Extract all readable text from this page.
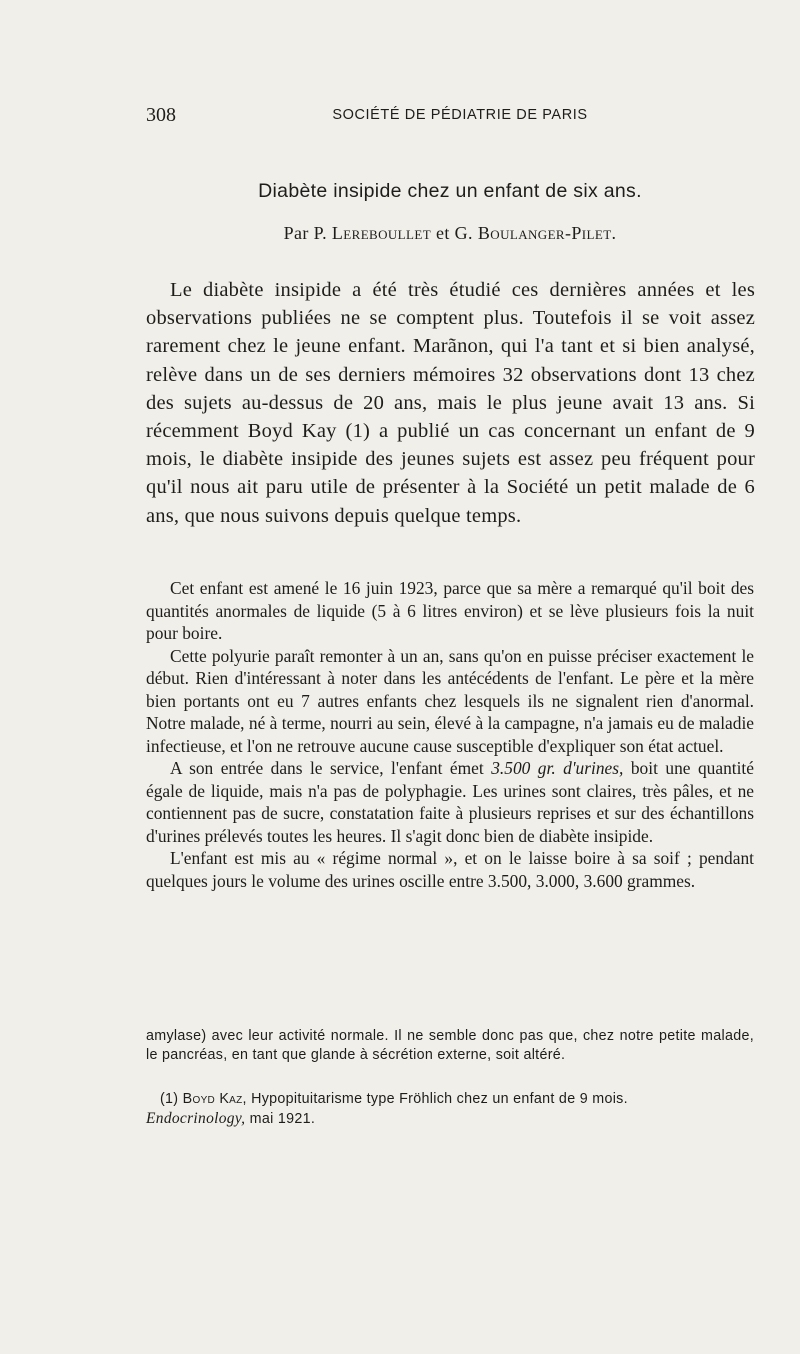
308	SOCIÉTÉ DE PÉDIATRIE DE PARIS
Diabète insipide chez un enfant de six ans.
Par P. Lereboullet et G. Boulanger-Pilet.

Le diabète insipide a été très étudié ces dernières années et les observations publiées ne se comptent plus. Toutefois il se voit assez rarement chez le jeune enfant. Marãnon, qui l'a tant et si bien analysé, relève dans un de ses derniers mémoires 32 observations dont 13 chez des sujets au-dessus de 20 ans, mais le plus jeune avait 13 ans. Si récemment Boyd Kay (1) a publié un cas concernant un enfant de 9 mois, le diabète insipide des jeunes sujets est assez peu fréquent pour qu'il nous ait paru utile de présenter à la Société un petit malade de 6 ans, que nous suivons depuis quelque temps.

Cet enfant est amené le 16 juin 1923, parce que sa mère a remarqué qu'il boit des quantités anormales de liquide (5 à 6 litres environ) et se lève plusieurs fois la nuit pour boire.

Cette polyurie paraît remonter à un an, sans qu'on en puisse préciser exactement le début. Rien d'intéressant à noter dans les antécédents de l'enfant. Le père et la mère bien portants ont eu 7 autres enfants chez lesquels ils ne signalent rien d'anormal. Notre malade, né à terme, nourri au sein, élevé à la campagne, n'a jamais eu de maladie infectieuse, et l'on ne retrouve aucune cause susceptible d'expliquer son état actuel.

A son entrée dans le service, l'enfant émet 3.500 gr. d'urines, boit une quantité égale de liquide, mais n'a pas de polyphagie. Les urines sont claires, très pâles, et ne contiennent pas de sucre, constatation faite à plusieurs reprises et sur des échantillons d'urines prélevés toutes les heures. Il s'agit donc bien de diabète insipide.

L'enfant est mis au « régime normal », et on le laisse boire à sa soif ; pendant quelques jours le volume des urines oscille entre 3.500, 3.000, 3.600 grammes.

amylase) avec leur activité normale. Il ne semble donc pas que, chez notre petite malade, le pancréas, en tant que glande à sécrétion externe, soit altéré.

(1) Boyd Kaz, Hypopituitarisme type Fröhlich chez un enfant de 9 mois.
Endocrinology, mai 1921.
